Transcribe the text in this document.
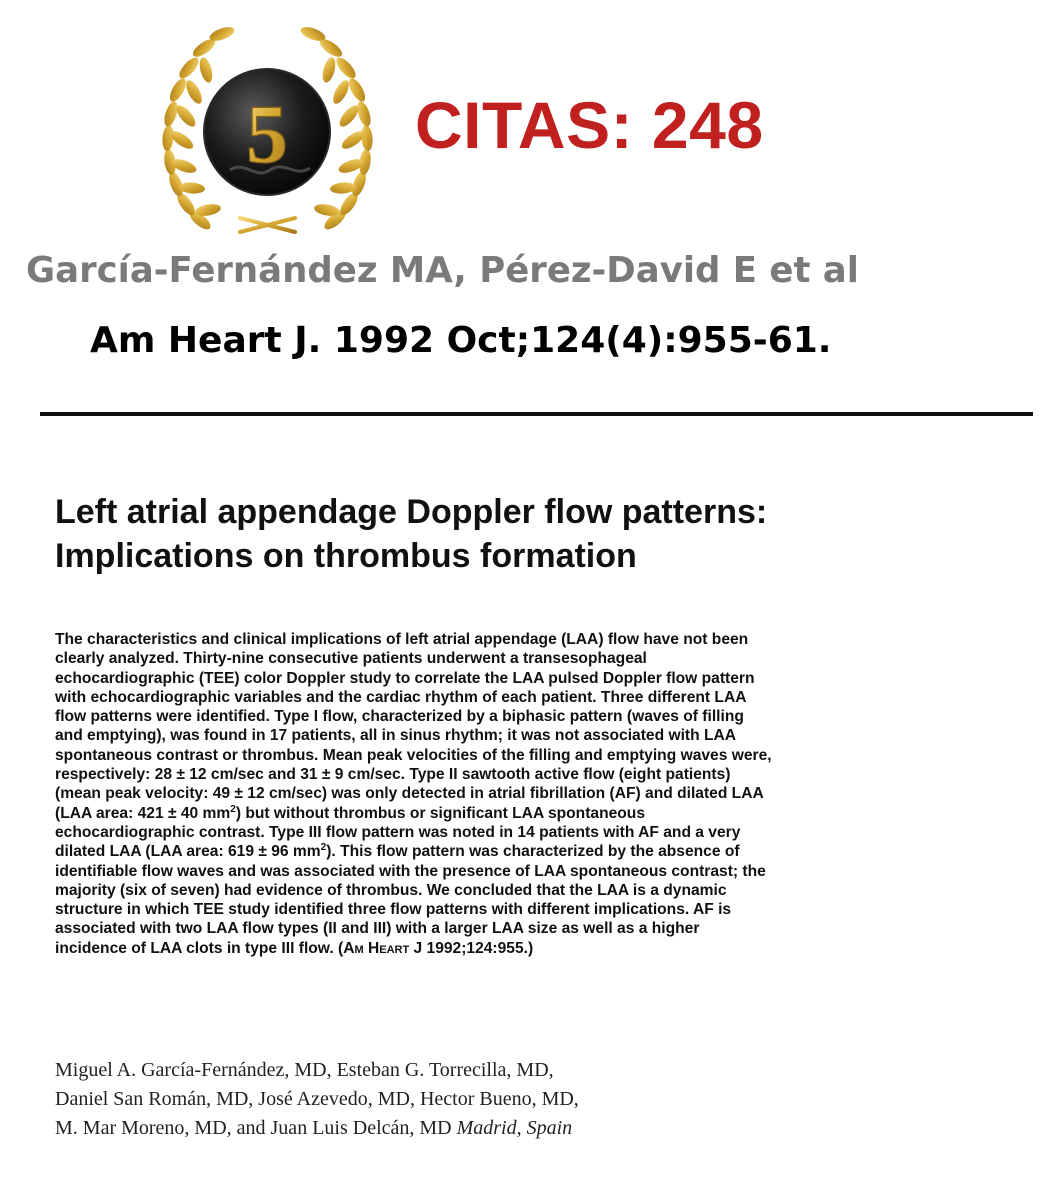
5 CITAS: 248
García-Fernández MA, Pérez-David E et al
Am Heart J. 1992 Oct;124(4):955-61.
Left atrial appendage Doppler flow patterns:
Implications on thrombus formation

The characteristics and clinical implications of left atrial appendage (LAA) flow have not been
clearly analyzed. Thirty-nine consecutive patients underwent a transesophageal
echocardiographic (TEE) color Doppler study to correlate the LAA pulsed Doppler flow pattern
with echocardiographic variables and the cardiac rhythm of each patient. Three different LAA
flow patterns were identified. Type I flow, characterized by a biphasic pattern (waves of filling
and emptying), was found in 17 patients, all in sinus rhythm; it was not associated with LAA
spontaneous contrast or thrombus. Mean peak velocities of the filling and emptying waves were,
respectively: 28 ± 12 cm/sec and 31 ± 9 cm/sec. Type II sawtooth active flow (eight patients)
(mean peak velocity: 49 ± 12 cm/sec) was only detected in atrial fibrillation (AF) and dilated LAA
(LAA area: 421 ± 40 $mm^2$) but without thrombus or significant LAA spontaneous
echocardiographic contrast. Type III flow pattern was noted in 14 patients with AF and a very
dilated LAA (LAA area: 619 ± 96 $mm^2$). This flow pattern was characterized by the absence of
identifiable flow waves and was associated with the presence of LAA spontaneous contrast; the
majority (six of seven) had evidence of thrombus. We concluded that the LAA is a dynamic
structure in which TEE study identified three flow patterns with different implications. AF is
associated with two LAA flow types (II and III) with a larger LAA size as well as a higher
incidence of LAA clots in type III flow. (Am Heart J 1992;124:955.)

Miguel A. García-Fernández, MD, Esteban G. Torrecilla, MD,
Daniel San Román, MD, José Azevedo, MD, Hector Bueno, MD,
M. Mar Moreno, MD, and Juan Luis Delcán, MD Madrid, Spain
